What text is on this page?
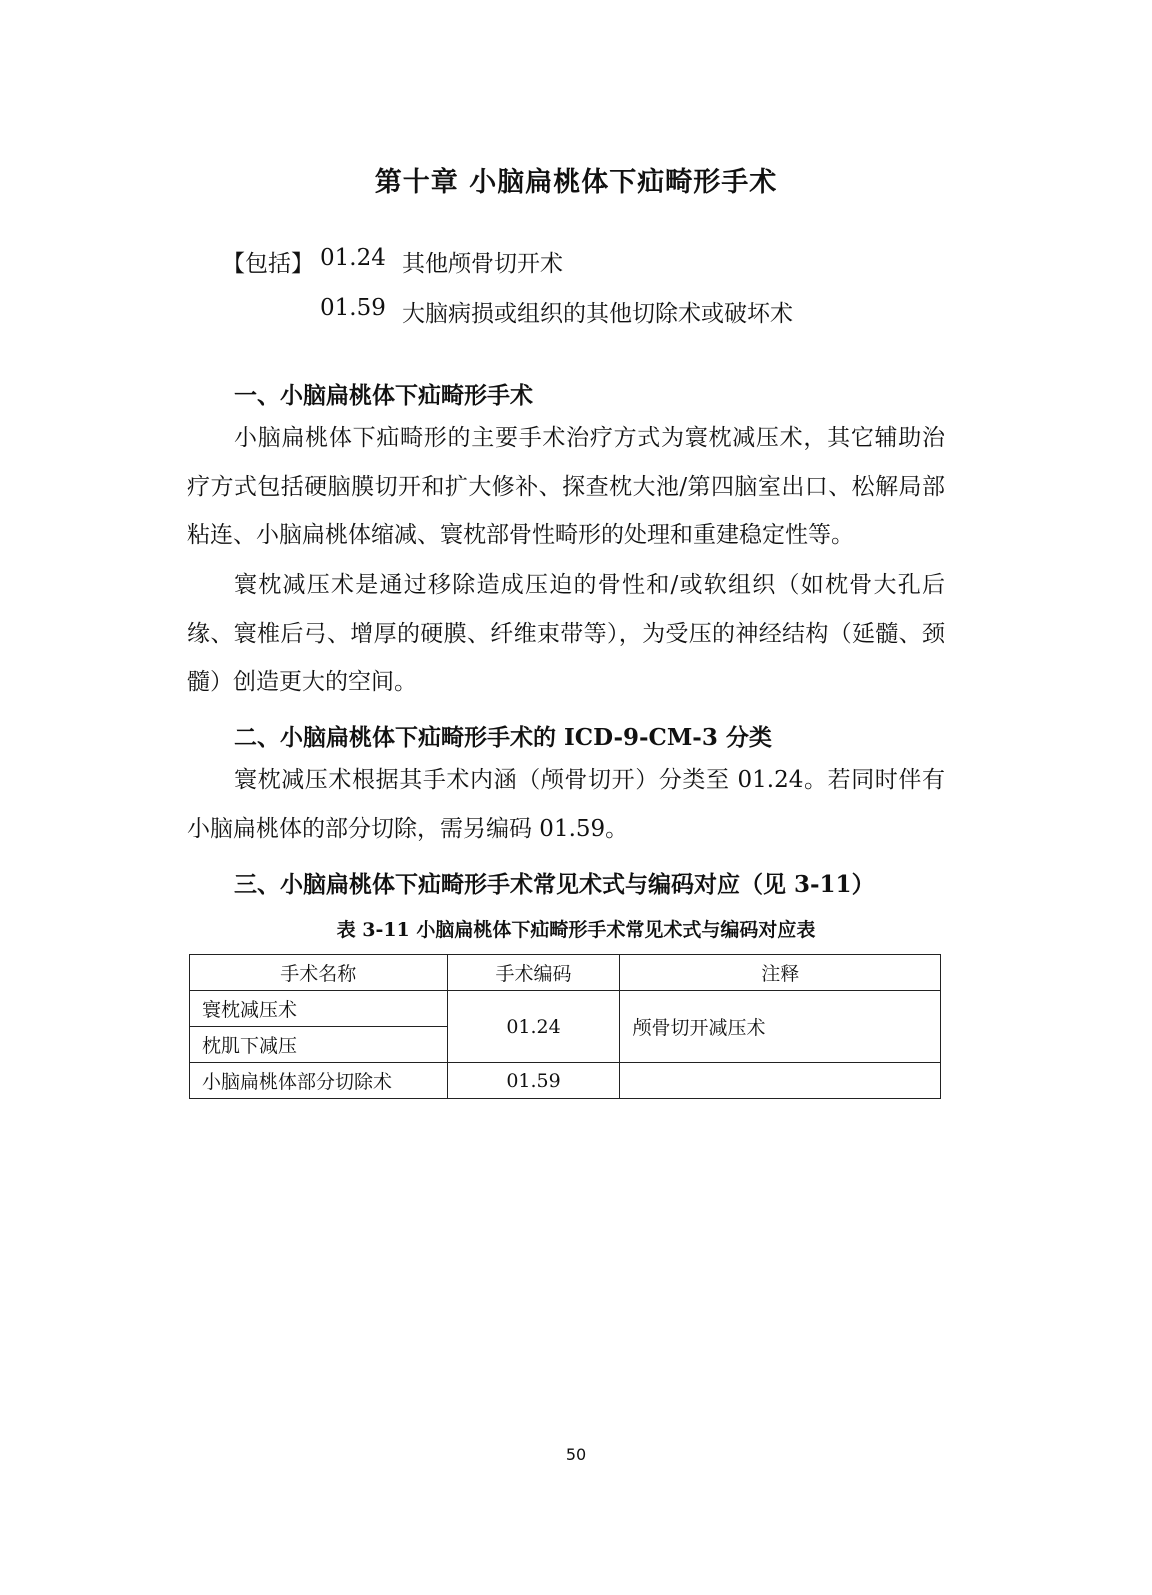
第十章 小脑扁桃体下疝畸形手术
【包括】 01.24 其他颅骨切开术
01.59 大脑病损或组织的其他切除术或破坏术
一、小脑扁桃体下疝畸形手术
小脑扁桃体下疝畸形的主要手术治疗方式为寰枕减压术，其它辅助治疗方式包括硬脑膜切开和扩大修补、探查枕大池/第四脑室出口、松解局部粘连、小脑扁桃体缩减、寰枕部骨性畸形的处理和重建稳定性等。
寰枕减压术是通过移除造成压迫的骨性和/或软组织（如枕骨大孔后缘、寰椎后弓、增厚的硬膜、纤维束带等），为受压的神经结构（延髓、颈髓）创造更大的空间。
二、小脑扁桃体下疝畸形手术的 ICD-9-CM-3 分类
寰枕减压术根据其手术内涵（颅骨切开）分类至 01.24。若同时伴有小脑扁桃体的部分切除，需另编码 01.59。
三、小脑扁桃体下疝畸形手术常见术式与编码对应（见 3-11）
表 3-11 小脑扁桃体下疝畸形手术常见术式与编码对应表
手术名称	手术编码	注释
寰枕减压术	01.24	颅骨切开减压术
枕肌下减压		
小脑扁桃体部分切除术	01.59	
50
